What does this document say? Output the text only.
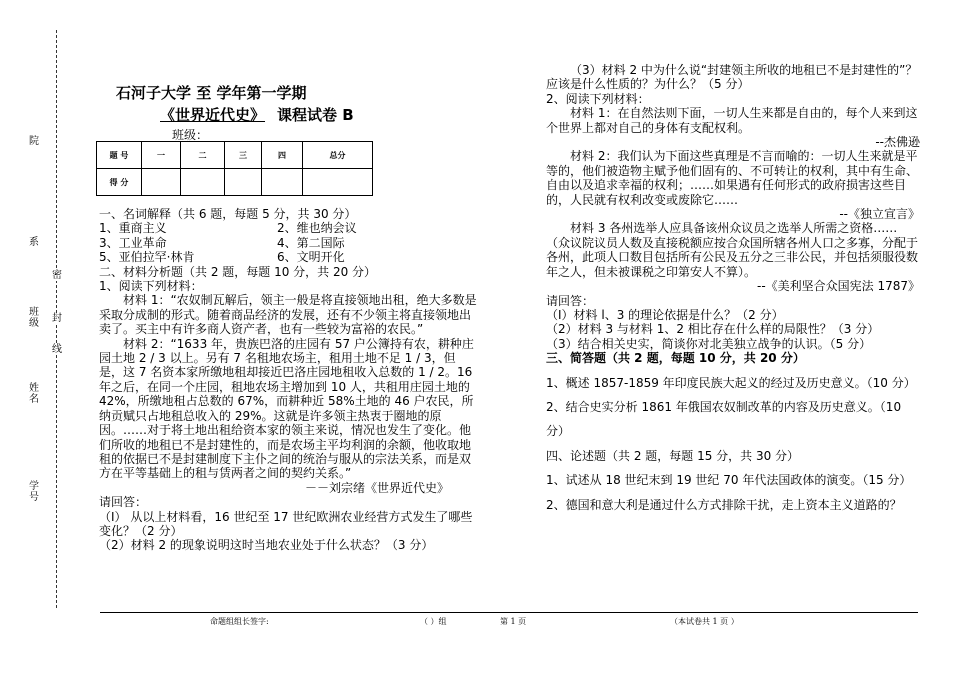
院
系
密
班级 封
线
姓名
学号
石河子大学 至 学年第一学期
《世界近代史》 课程试卷 B
班级：
题 号	一	二	三	四	总分
得 分					

一、名词解释（共 6 题，每题 5 分，共 30 分）

1、重商主义	2、维也纳会议

3、工业革命	4、第二国际

5、亚伯拉罕·林肯	6、文明开化

二、材料分析题（共 2 题，每题 10 分，共 20 分）

1、阅读下列材料：

材料 1：“农奴制瓦解后，领主一般是将直接领地出租，绝大多数是采取分成制的形式。随着商品经济的发展，还有不少领主将直接领地出卖了。买主中有许多商人资产者，也有一些较为富裕的农民。”

材料 2：“1633 年，贵族巴洛的庄园有 57 户公簿持有农，耕种庄园土地 2 / 3 以上。另有 7 名租地农场主，租用土地不足 1 / 3，但是，这 7 名资本家所缴地租却接近巴洛庄园地租收入总数的 1 / 2。16 年之后，在同一个庄园，租地农场主增加到 10 人，共租用庄园土地的 42%，所缴地租占总数的 67%，而耕种近 58%土地的 46 户农民，所纳贡赋只占地租总收入的 29%。这就是许多领主热衷于圈地的原因。……对于将土地出租给资本家的领主来说，情况也发生了变化。他们所收的地租已不是封建性的，而是农场主平均利润的余额，他收取地租的依据已不是封建制度下主仆之间的统治与服从的宗法关系，而是双方在平等基础上的租与赁两者之间的契约关系。”

－－刘宗绪《世界近代史》

请回答：

（I） 从以上材料看，16 世纪至 17 世纪欧洲农业经营方式发生了哪些变化？（2 分）

（2）材料 2 的现象说明这时当地农业处于什么状态？（3 分）

（3）材料 2 中为什么说“封建领主所收的地租已不是封建性的”？应该是什么性质的？为什么？（5 分）

2、阅读下列材料：

材料 1：在自然法则下面，一切人生来都是自由的，每个人来到这个世界上都对自己的身体有支配权利。

--杰佛逊

材料 2：我们认为下面这些真理是不言而喻的：一切人生来就是平等的，他们被造物主赋予他们固有的、不可转让的权利，其中有生命、自由以及追求幸福的权利；……如果遇有任何形式的政府损害这些目的，人民就有权利改变或废除它……

--《独立宣言》

材料 3 各州选举人应具备该州众议员之选举人所需之资格……（众议院议员人数及直接税额应按合众国所辖各州人口之多寡，分配于各州，此项人口数目包括所有公民及五分之三非公民，并包括须服役数年之人，但未被课税之印第安人不算）。

--《美利坚合众国宪法 1787》

请回答：

（I）材料 l、3 的理论依据是什么？（2 分）

（2）材料 3 与材料 1、2 相比存在什么样的局限性？（3 分）

（3）结合相关史实，简谈你对北美独立战争的认识。（5 分）

三、简答题（共 2 题，每题 10 分，共 20 分）

1、概述 1857-1859 年印度民族大起义的经过及历史意义。（10 分）

2、结合史实分析 1861 年俄国农奴制改革的内容及历史意义。（10

分）

四、论述题（共 2 题，每题 15 分，共 30 分）

1、试述从 18 世纪末到 19 世纪 70 年代法国政体的演变。（15 分）

2、德国和意大利是通过什么方式排除干扰，走上资本主义道路的？

命题组组长签字:	（ ）组	第 1 页	（本试卷共 1 页 ）
